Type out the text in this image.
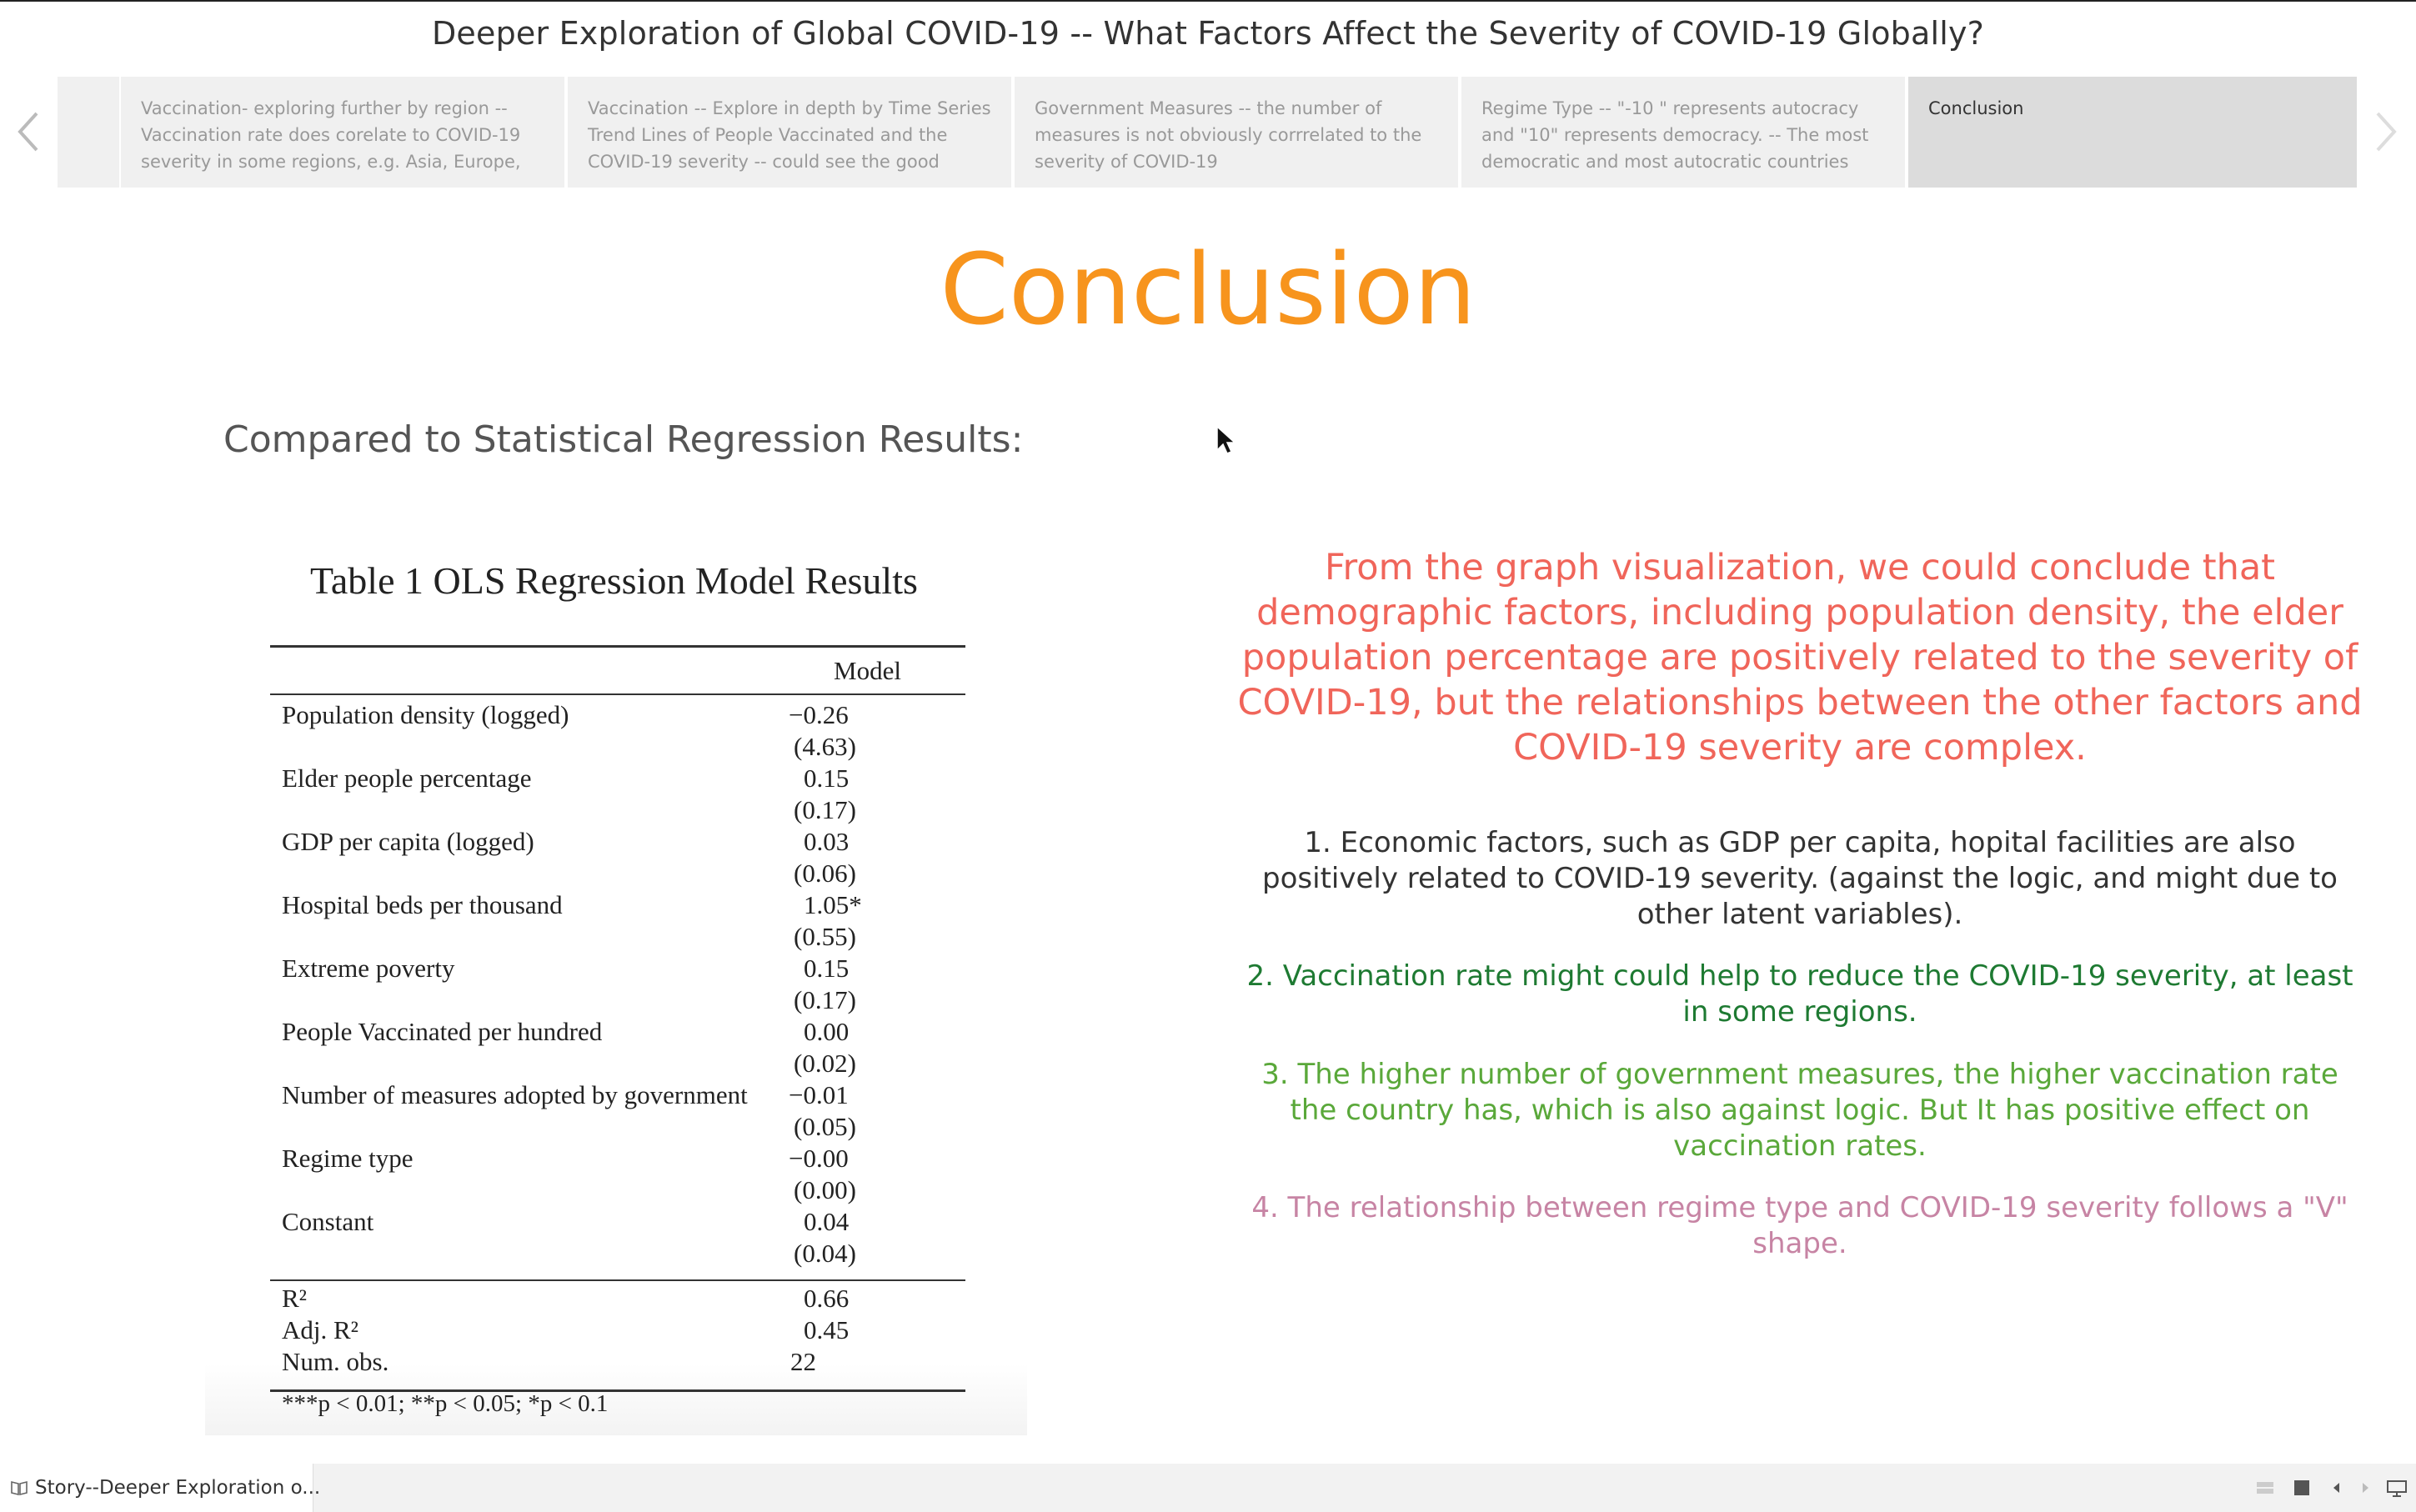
Deeper Exploration of Global COVID-19 -- What Factors Affect the Severity of COVID-19 Globally?
Vaccination- exploring further by region -- Vaccination rate does corelate to COVID-19 severity in some regions, e.g. Asia, Europe,
Vaccination -- Explore in depth by Time Series Trend Lines of People Vaccinated and the COVID-19 severity -- could see the good
Government Measures -- the number of measures is not obviously corrrelated to the severity of COVID-19
Regime Type -- "-10 " represents autocracy and "10" represents democracy. -- The most democratic and most autocratic countries
Conclusion
Conclusion
Compared to Statistical Regression Results:
Table 1 OLS Regression Model Results
Model
Population density (logged)	−0.26
(4.63)
Elder people percentage	0.15
(0.17)
GDP per capita (logged)	0.03
(0.06)
Hospital beds per thousand	1.05*
(0.55)
Extreme poverty	0.15
(0.17)
People Vaccinated per hundred	0.00
(0.02)
Number of measures adopted by government −0.01
(0.05)
Regime type	−0.00
(0.00)
Constant	0.04
(0.04)
R²	0.66
Adj. R²	0.45
Num. obs.	22
***p < 0.01; **p < 0.05; *p < 0.1
From the graph visualization, we could conclude that demographic factors, including population density, the elder population percentage are positively related to the severity of COVID-19, but the relationships between the other factors and COVID-19 severity are complex.
1. Economic factors, such as GDP per capita, hopital facilities are also positively related to COVID-19 severity. (against the logic, and might due to other latent variables).
2. Vaccination rate might could help to reduce the COVID-19 severity, at least in some regions.
3. The higher number of government measures, the higher vaccination rate the country has, which is also against logic. But It has positive effect on vaccination rates.
4. The relationship between regime type and COVID-19 severity follows a "V" shape.
Story--Deeper Exploration o...
